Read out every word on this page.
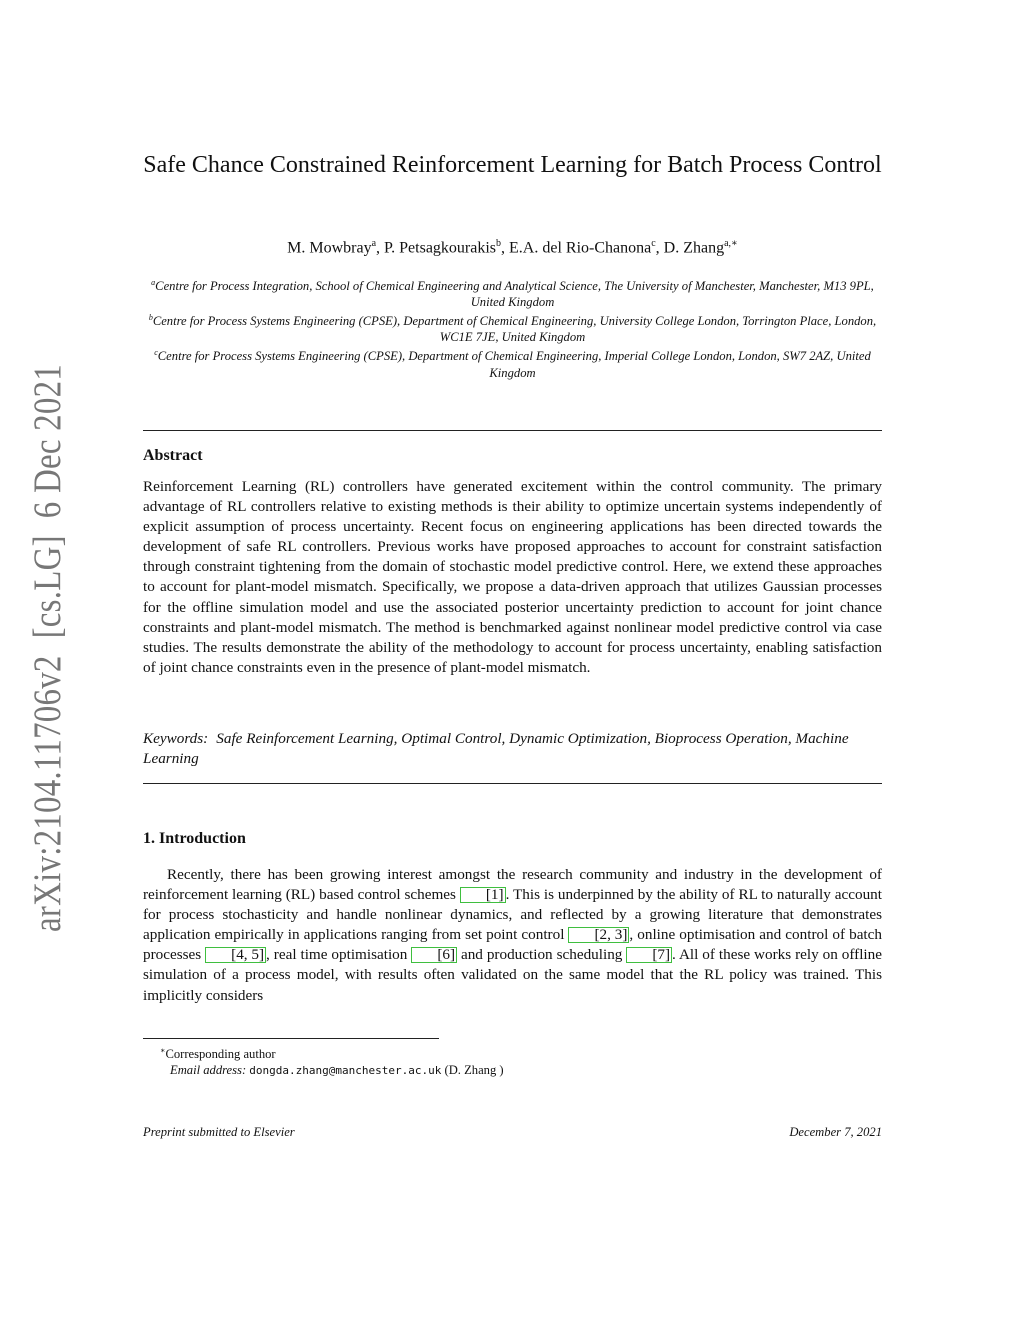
arXiv:2104.11706v2  [cs.LG]  6 Dec 2021
Safe Chance Constrained Reinforcement Learning for Batch Process Control
M. Mowbray$^a$, P. Petsagkourakis$^b$, E.A. del Rio-Chanona$^c$, D. Zhang$^{a,∗}$

$^a$Centre for Process Integration, School of Chemical Engineering and Analytical Science, The University of Manchester, Manchester, M13 9PL, United Kingdom

$^b$Centre for Process Systems Engineering (CPSE), Department of Chemical Engineering, University College London, Torrington Place, London, WC1E 7JE, United Kingdom

$^c$Centre for Process Systems Engineering (CPSE), Department of Chemical Engineering, Imperial College London, London, SW7 2AZ, United Kingdom

Abstract
Reinforcement Learning (RL) controllers have generated excitement within the control community. The primary advantage of RL controllers relative to existing methods is their ability to optimize uncertain systems independently of explicit assumption of process uncertainty. Recent focus on engineering applications has been directed towards the development of safe RL controllers. Previous works have proposed approaches to account for constraint satisfaction through constraint tightening from the domain of stochastic model predictive control. Here, we extend these approaches to account for plant-model mismatch. Specifically, we propose a data-driven approach that utilizes Gaussian processes for the offline simulation model and use the associated posterior uncertainty prediction to account for joint chance constraints and plant-model mismatch. The method is benchmarked against nonlinear model predictive control via case studies. The results demonstrate the ability of the methodology to account for process uncertainty, enabling satisfaction of joint chance constraints even in the presence of plant-model mismatch.
Keywords: Safe Reinforcement Learning, Optimal Control, Dynamic Optimization, Bioprocess Operation, Machine Learning
1. Introduction
Recently, there has been growing interest amongst the research community and industry in the development of reinforcement learning (RL) based control schemes [1] . This is underpinned by the ability of RL to naturally account for process stochasticity and handle nonlinear dynamics, and reflected by a growing literature that demonstrates application empirically in applications ranging from set point control [2, 3] , online optimisation and control of batch processes [4, 5] , real time optimisation [6] and production scheduling [7] . All of these works rely on offline simulation of a process model, with results often validated on the same model that the RL policy was trained. This implicitly considers
∗Corresponding author
Email address: dongda.zhang@manchester.ac.uk (D. Zhang )
Preprint submitted to Elsevier	December 7, 2021
